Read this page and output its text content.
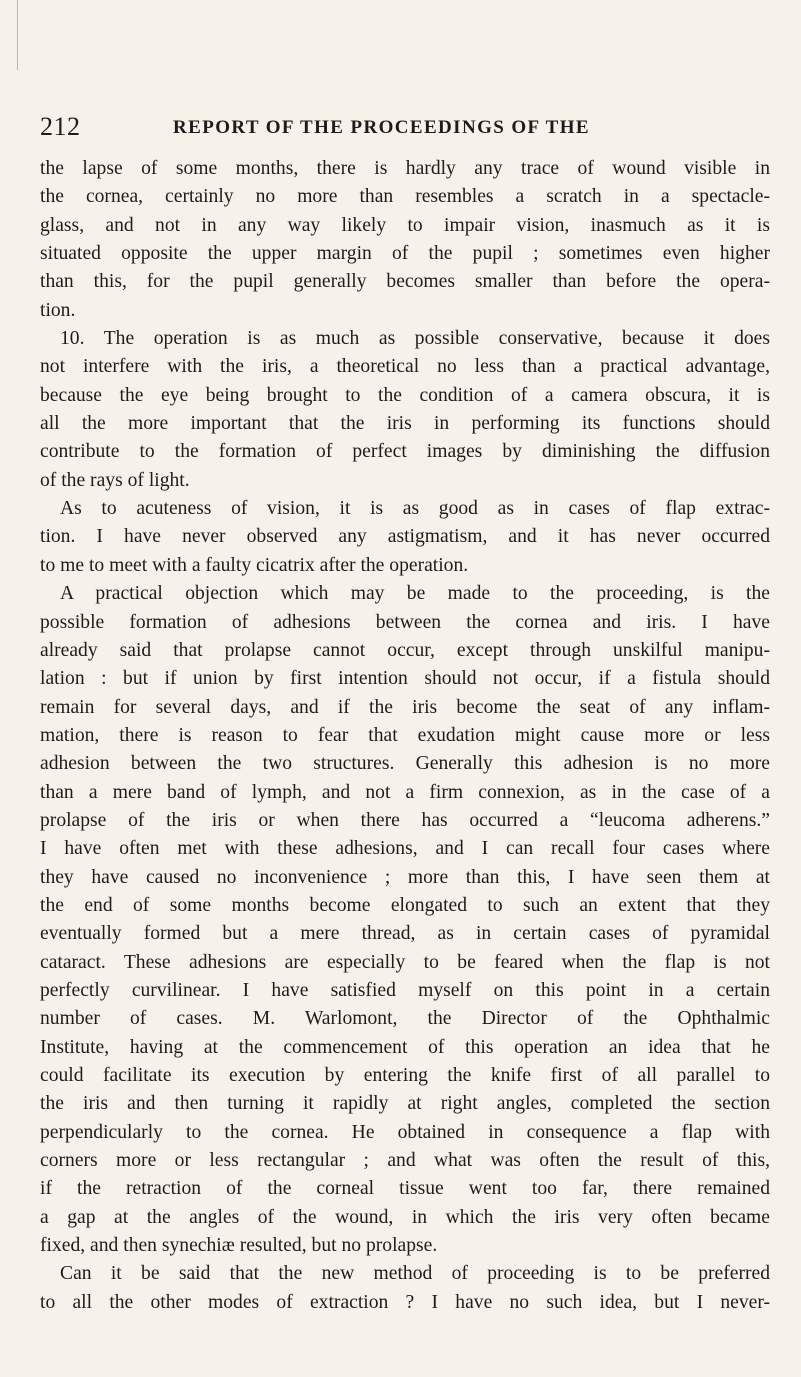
212	REPORT OF THE PROCEEDINGS OF THE
the lapse of some months, there is hardly any trace of wound visible in
the cornea, certainly no more than resembles a scratch in a spectacle-
glass, and not in any way likely to impair vision, inasmuch as it is
situated opposite the upper margin of the pupil ; sometimes even higher
than this, for the pupil generally becomes smaller than before the opera-
tion.
10. The operation is as much as possible conservative, because it does
not interfere with the iris, a theoretical no less than a practical advantage,
because the eye being brought to the condition of a camera obscura, it is
all the more important that the iris in performing its functions should
contribute to the formation of perfect images by diminishing the diffusion
of the rays of light.
As to acuteness of vision, it is as good as in cases of flap extrac-
tion. I have never observed any astigmatism, and it has never occurred
to me to meet with a faulty cicatrix after the operation.
A practical objection which may be made to the proceeding, is the
possible formation of adhesions between the cornea and iris. I have
already said that prolapse cannot occur, except through unskilful manipu-
lation : but if union by first intention should not occur, if a fistula should
remain for several days, and if the iris become the seat of any inflam-
mation, there is reason to fear that exudation might cause more or less
adhesion between the two structures. Generally this adhesion is no more
than a mere band of lymph, and not a firm connexion, as in the case of a
prolapse of the iris or when there has occurred a “leucoma adherens.”
I have often met with these adhesions, and I can recall four cases where
they have caused no inconvenience ; more than this, I have seen them at
the end of some months become elongated to such an extent that they
eventually formed but a mere thread, as in certain cases of pyramidal
cataract. These adhesions are especially to be feared when the flap is not
perfectly curvilinear. I have satisfied myself on this point in a certain
number of cases. M. Warlomont, the Director of the Ophthalmic
Institute, having at the commencement of this operation an idea that he
could facilitate its execution by entering the knife first of all parallel to
the iris and then turning it rapidly at right angles, completed the section
perpendicularly to the cornea. He obtained in consequence a flap with
corners more or less rectangular ; and what was often the result of this,
if the retraction of the corneal tissue went too far, there remained
a gap at the angles of the wound, in which the iris very often became
fixed, and then synechiæ resulted, but no prolapse.
Can it be said that the new method of proceeding is to be preferred
to all the other modes of extraction ? I have no such idea, but I never-
